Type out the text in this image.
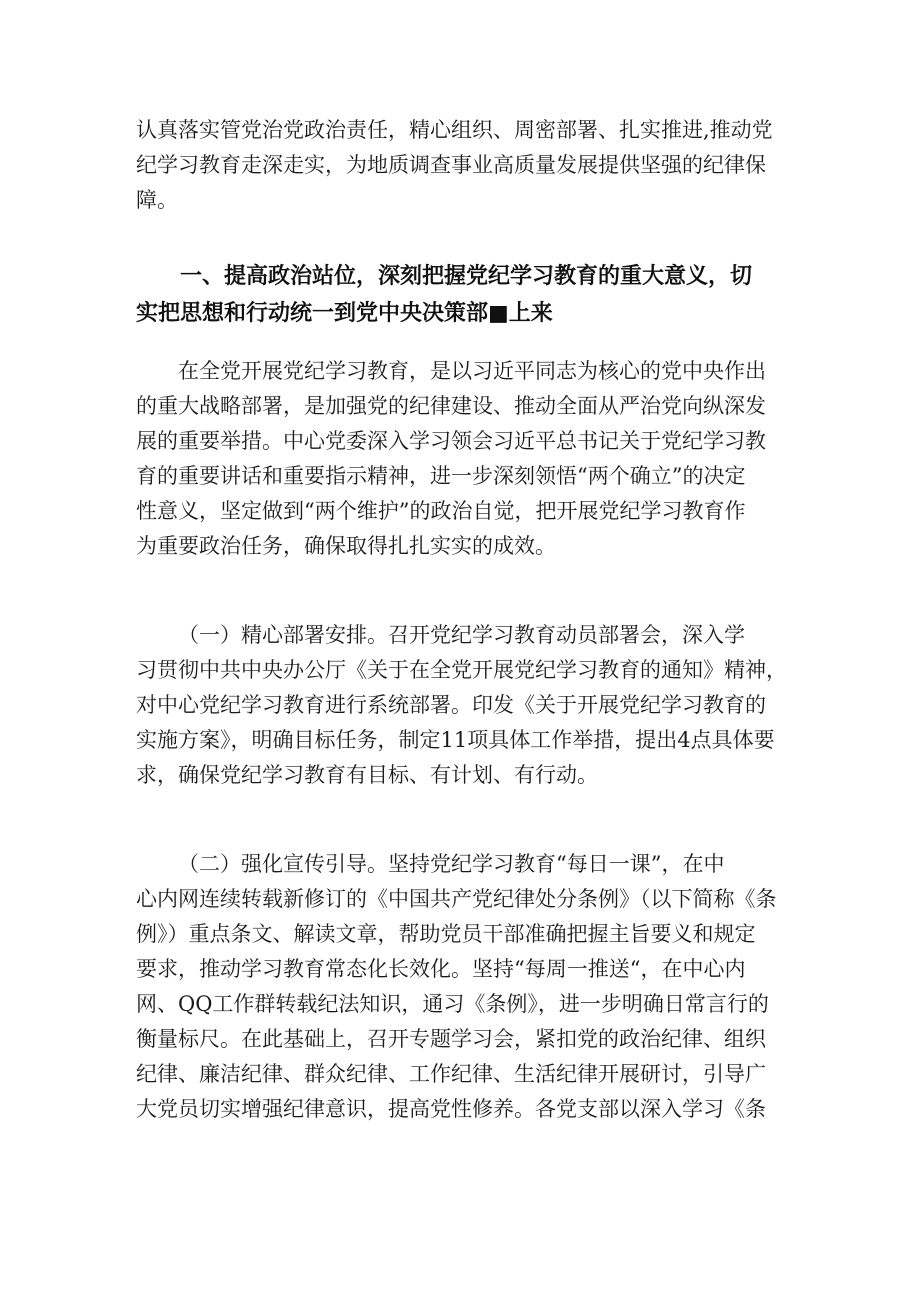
认真落实管党治党政治责任，精心组织、周密部署、扎实推进,推动党
纪学习教育走深走实，为地质调查事业高质量发展提供坚强的纪律保
障。

一、提高政治站位，深刻把握党纪学习教育的重大意义，切
实把思想和行动统一到党中央决策部■上来

在全党开展党纪学习教育，是以习近平同志为核心的党中央作出
的重大战略部署，是加强党的纪律建设、推动全面从严治党向纵深发
展的重要举措。中心党委深入学习领会习近平总书记关于党纪学习教
育的重要讲话和重要指示精神，进一步深刻领悟“两个确立”的决定
性意义，坚定做到“两个维护”的政治自觉，把开展党纪学习教育作
为重要政治任务，确保取得扎扎实实的成效。

（一）精心部署安排。召开党纪学习教育动员部署会，深入学
习贯彻中共中央办公厅《关于在全党开展党纪学习教育的通知》精神，
对中心党纪学习教育进行系统部署。印发《关于开展党纪学习教育的
实施方案》，明确目标任务，制定11项具体工作举措，提出4点具体要
求，确保党纪学习教育有目标、有计划、有行动。

（二）强化宣传引导。坚持党纪学习教育“每日一课”，在中
心内网连续转载新修订的《中国共产党纪律处分条例》（以下简称《条
例》）重点条文、解读文章，帮助党员干部准确把握主旨要义和规定
要求，推动学习教育常态化长效化。坚持“每周一推送“，在中心内
网、QQ工作群转载纪法知识，通习《条例》，进一步明确日常言行的
衡量标尺。在此基础上，召开专题学习会，紧扣党的政治纪律、组织
纪律、廉洁纪律、群众纪律、工作纪律、生活纪律开展研讨，引导广
大党员切实增强纪律意识，提高党性修养。各党支部以深入学习《条
